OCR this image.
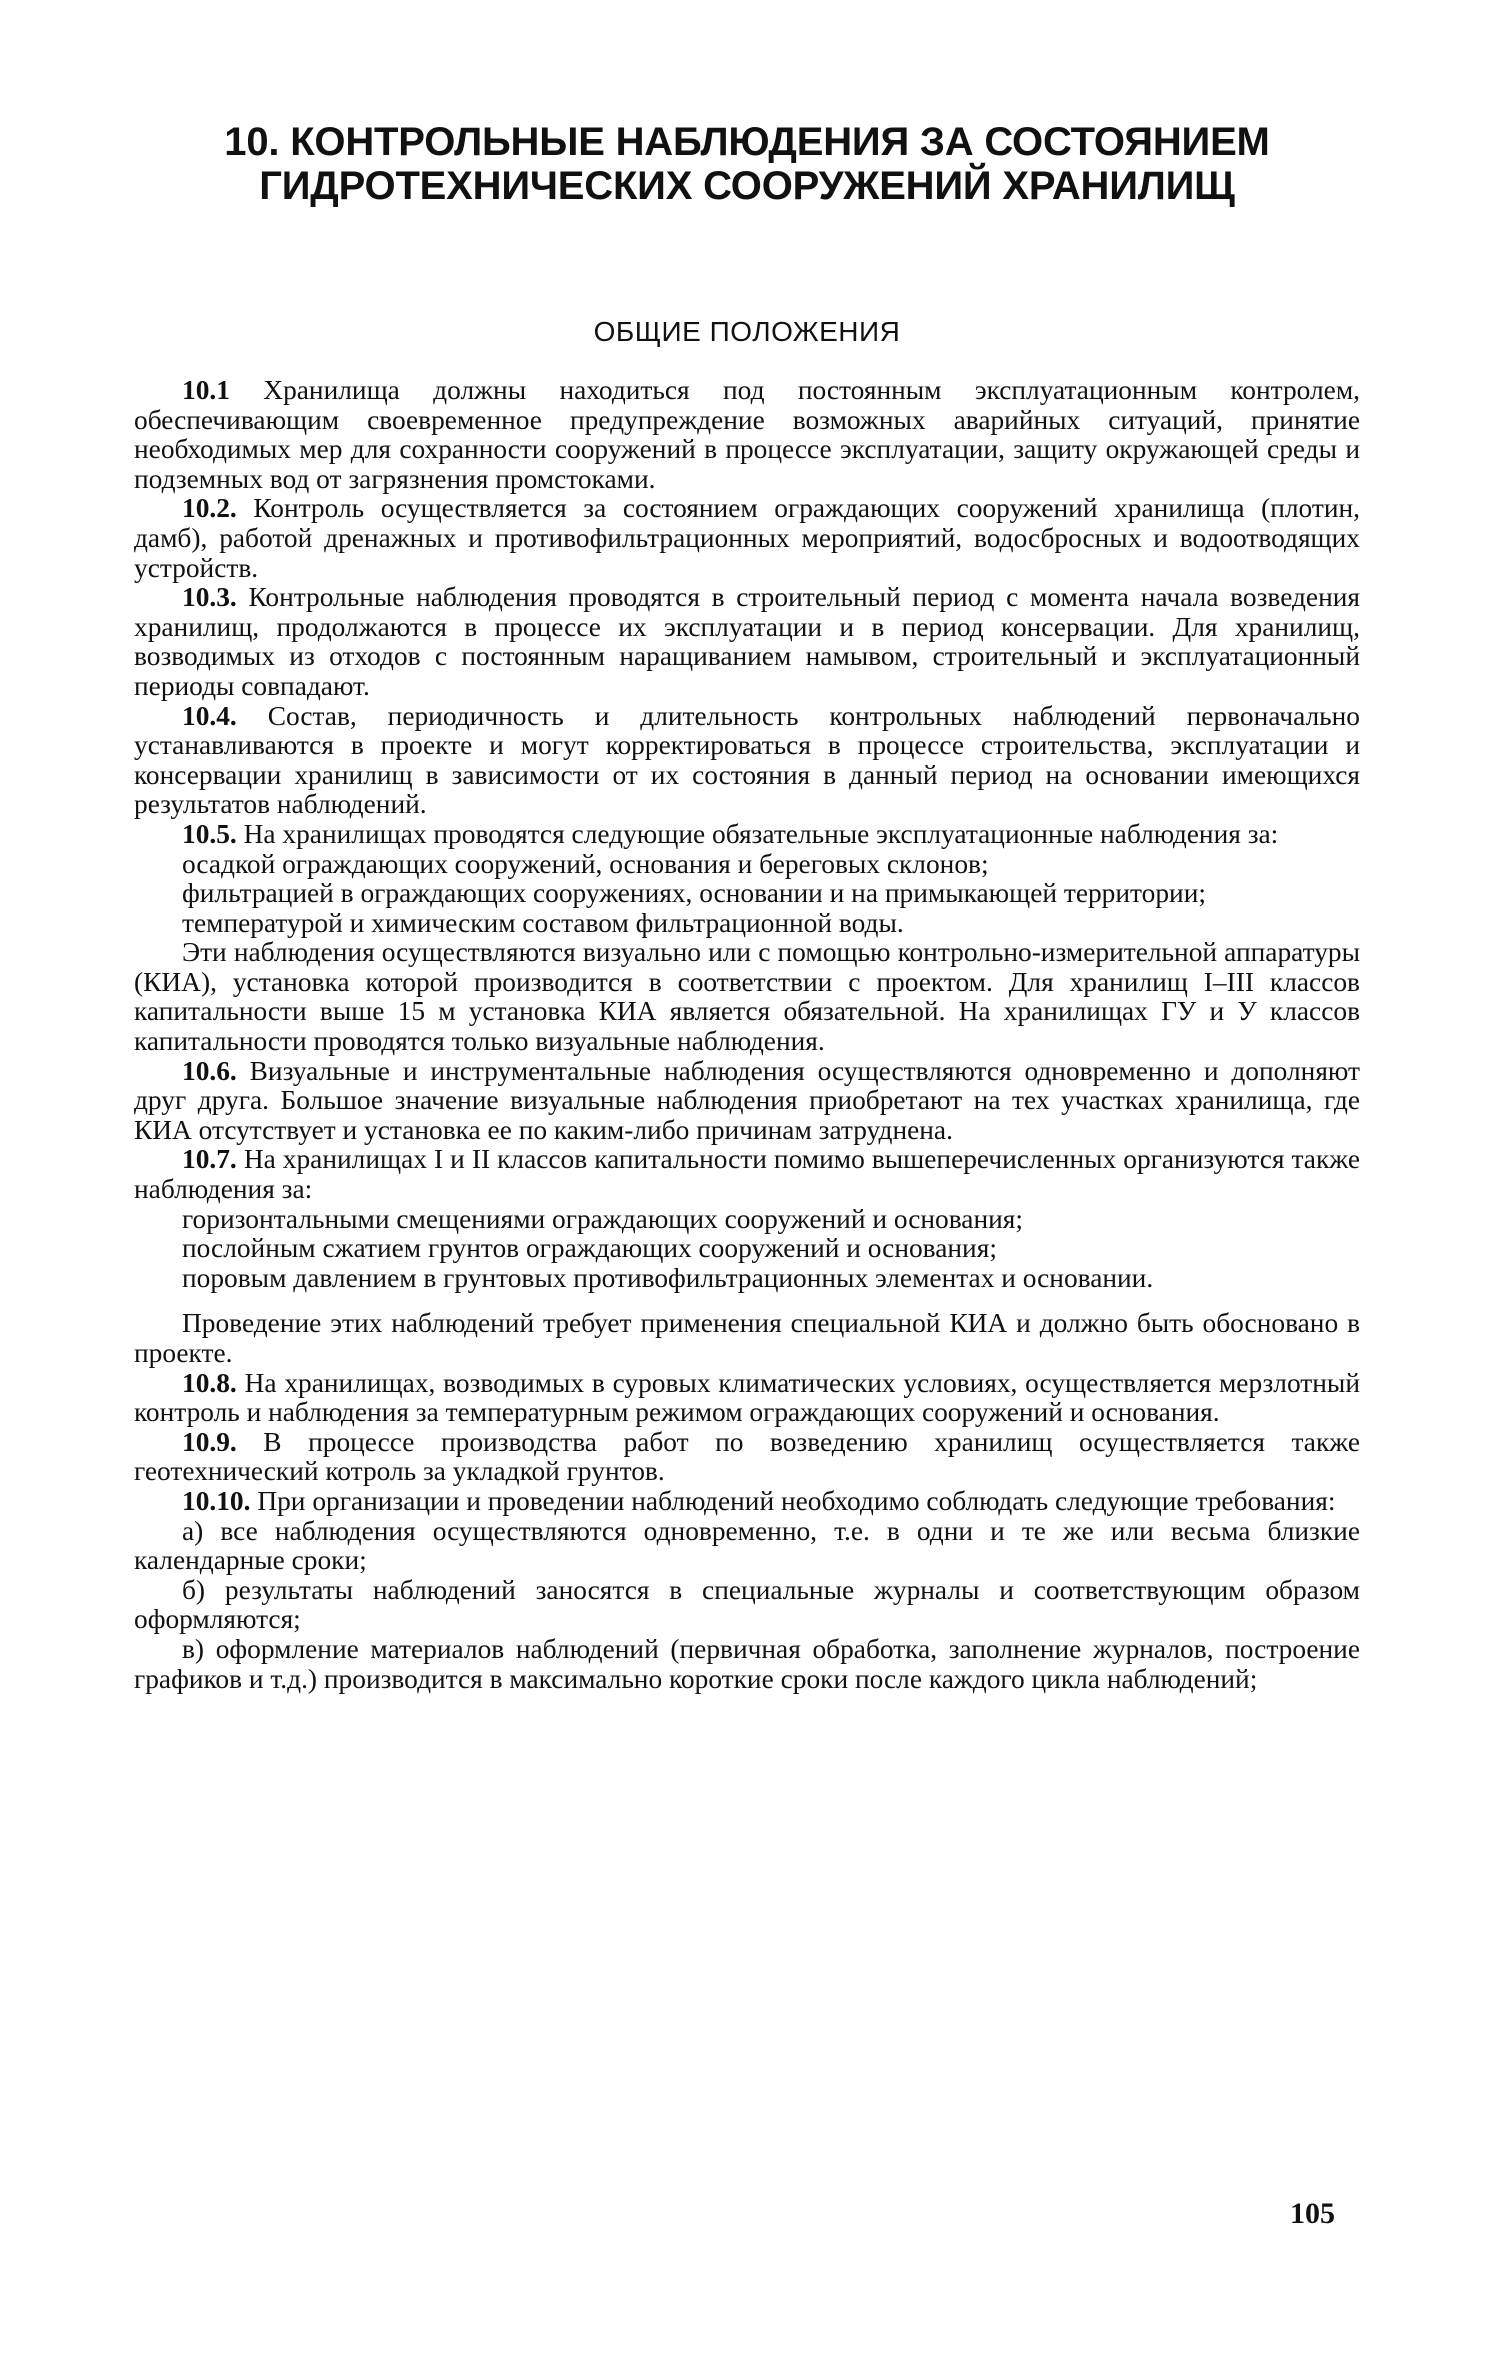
10. КОНТРОЛЬНЫЕ НАБЛЮДЕНИЯ ЗА СОСТОЯНИЕМ
ГИДРОТЕХНИЧЕСКИХ СООРУЖЕНИЙ ХРАНИЛИЩ
ОБЩИЕ ПОЛОЖЕНИЯ

10.1 Хранилища должны находиться под постоянным эксплуатационным контролем, обеспечивающим своевременное предупреждение возможных аварийных ситуаций, принятие необходимых мер для сохранности сооружений в процессе эксплуатации, защиту окружающей среды и подземных вод от загрязнения промстоками.

10.2. Контроль осуществляется за состоянием ограждающих сооружений хранилища (плотин, дамб), работой дренажных и противофильтрационных мероприятий, водосбросных и водоотводящих устройств.

10.3. Контрольные наблюдения проводятся в строительный период с момента начала возведения хранилищ, продолжаются в процессе их эксплуатации и в период консервации. Для хранилищ, возводимых из отходов с постоянным наращиванием намывом, строительный и эксплуатационный периоды совпадают.

10.4. Состав, периодичность и длительность контрольных наблюдений первоначально устанавливаются в проекте и могут корректироваться в процессе строительства, эксплуатации и консервации хранилищ в зависимости от их состояния в данный период на основании имеющихся результатов наблюдений.

10.5. На хранилищах проводятся следующие обязательные эксплуатационные наблюдения за:

осадкой ограждающих сооружений, основания и береговых склонов;

фильтрацией в ограждающих сооружениях, основании и на примыкающей территории;

температурой и химическим составом фильтрационной воды.

Эти наблюдения осуществляются визуально или с помощью контрольно-измерительной аппаратуры (КИА), установка которой производится в соответствии с проектом. Для хранилищ I–III классов капитальности выше 15 м установка КИА является обязательной. На хранилищах ΓУ и У классов капитальности проводятся только визуальные наблюдения.

10.6. Визуальные и инструментальные наблюдения осуществляются одновременно и дополняют друг друга. Большое значение визуальные наблюдения приобретают на тех участках хранилища, где КИА отсутствует и установка ее по каким-либо причинам затруднена.

10.7. На хранилищах I и II классов капитальности помимо вышеперечисленных организуются также наблюдения за:

горизонтальными смещениями ограждающих сооружений и основания;

послойным сжатием грунтов ограждающих сооружений и основания;

поровым давлением в грунтовых противофильтрационных элементах и основании.

Проведение этих наблюдений требует применения специальной КИА и должно быть обосновано в проекте.

10.8. На хранилищах, возводимых в суровых климатических условиях, осуществляется мерзлотный контроль и наблюдения за температурным режимом ограждающих сооружений и основания.

10.9. В процессе производства работ по возведению хранилищ осуществляется также геотехнический котроль за укладкой грунтов.

10.10. При организации и проведении наблюдений необходимо соблюдать следующие требования:

а) все наблюдения осуществляются одновременно, т.е. в одни и те же или весьма близкие календарные сроки;

б) результаты наблюдений заносятся в специальные журналы и соответствующим образом оформляются;

в) оформление материалов наблюдений (первичная обработка, заполнение журналов, построение графиков и т.д.) производится в максимально короткие сроки после каждого цикла наблюдений;

105
